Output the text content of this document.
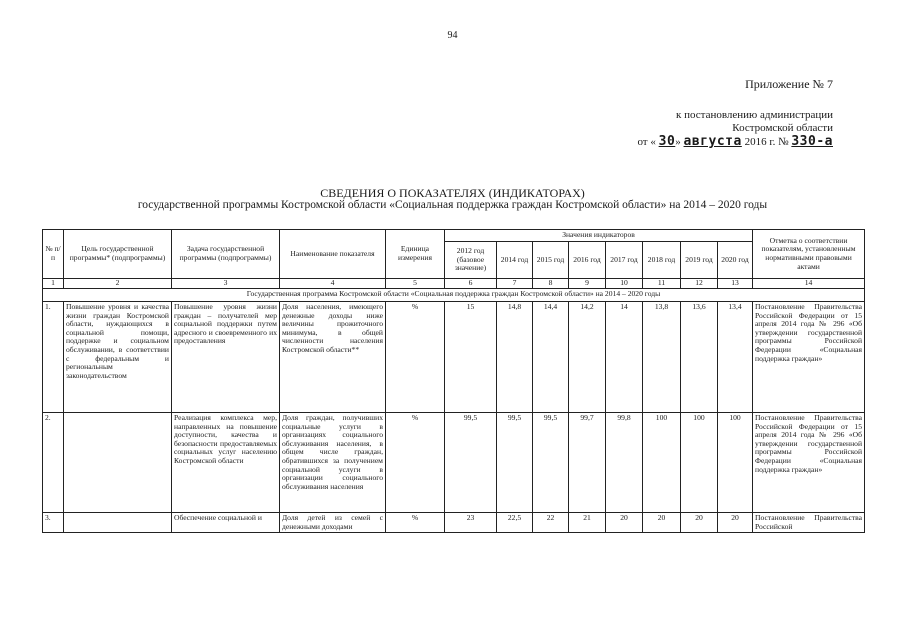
94
Приложение № 7
к постановлению администрации
Костромской области
от « 30» августа 2016 г. № 330-а
СВЕДЕНИЯ О ПОКАЗАТЕЛЯХ (ИНДИКАТОРАХ)
государственной программы Костромской области «Социальная поддержка граждан Костромской области» на 2014 – 2020 годы
№ п/п	Цель государственной программы* (подпрограммы)	Задача государственной программы (подпрограммы)	Наименование показателя	Единица измерения	Значения индикаторов								Отметка о соответствии показателям, установленным нормативными правовыми актами
					2012 год (базовое значение)	2014 год	2015 год	2016 год	2017 год	2018 год	2019 год	2020 год	
1	2	3	4	5	6	7	8	9	10	11	12	13	14
Государственная программа Костромской области «Социальная поддержка граждан Костромской области» на 2014 – 2020 годы													
1.	Повышение уровня и качества жизни граждан Костромской области, нуждающихся в социальной помощи, поддержке и социальном обслуживании, в соответствии с федеральным и региональным законодательством	Повышение уровня жизни граждан – получателей мер социальной поддержки путем адресного и своевременного их предоставления	Доля населения, имеющего денежные доходы ниже величины прожиточного минимума, в общей численности населения Костромской области**	%	15	14,8	14,4	14,2	14	13,8	13,6	13,4	Постановление Правительства Российской Федерации от 15 апреля 2014 года № 296 «Об утверждении государственной программы Российской Федерации «Социальная поддержка граждан»
2.		Реализация комплекса мер, направленных на повышение доступности, качества и безопасности предоставляемых социальных услуг населению Костромской области	Доля граждан, получивших социальные услуги в организациях социального обслуживания населения, в общем числе граждан, обратившихся за получением социальной услуги в организации социального обслуживания населения	%	99,5	99,5	99,5	99,7	99,8	100	100	100	Постановление Правительства Российской Федерации от 15 апреля 2014 года № 296 «Об утверждении государственной программы Российской Федерации «Социальная поддержка граждан»
3.		Обеспечение социальной и	Доля детей из семей с денежными доходами	%	23	22,5	22	21	20	20	20	20	Постановление Правительства Российской
